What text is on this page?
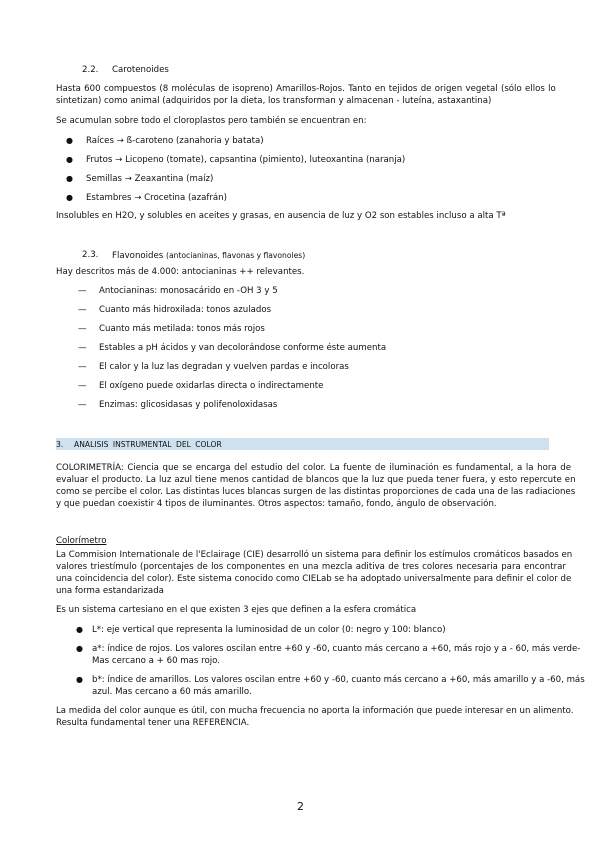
2.2. Carotenoides
Hasta 600 compuestos (8 moléculas de isopreno) Amarillos-Rojos. Tanto en tejidos de origen vegetal (sólo ellos lo
sintetizan) como animal (adquiridos por la dieta, los transforman y almacenan - luteína, astaxantina)
Se acumulan sobre todo el cloroplastos pero también se encuentran en:
● Raíces → ß-caroteno (zanahoria y batata)
● Frutos → Licopeno (tomate), capsantina (pimiento), luteoxantina (naranja)
● Semillas → Zeaxantina (maíz)
● Estambres → Crocetina (azafrán)
Insolubles en H2O, y solubles en aceites y grasas, en ausencia de luz y O2 son estables incluso a alta Tª
2.3. Flavonoides (antocianinas, flavonas y flavonoles)
Hay descritos más de 4.000: antocianinas ++ relevantes.
— Antocianinas: monosacárido en -OH 3 y 5
— Cuanto más hidroxilada: tonos azulados
— Cuanto más metilada: tonos más rojos
— Estables a pH ácidos y van decolorándose conforme éste aumenta
— El calor y la luz las degradan y vuelven pardas e incoloras
— El oxígeno puede oxidarlas directa o indirectamente
— Enzimas: glicosidasas y polifenoloxidasas
3. ANALISIS INSTRUMENTAL DEL COLOR
COLORIMETRÍA: Ciencia que se encarga del estudio del color. La fuente de iluminación es fundamental, a la hora de
evaluar el producto. La luz azul tiene menos cantidad de blancos que la luz que pueda tener fuera, y esto repercute en
como se percibe el color. Las distintas luces blancas surgen de las distintas proporciones de cada una de las radiaciones
y que puedan coexistir 4 tipos de iluminantes. Otros aspectos: tamaño, fondo, ángulo de observación.
Colorímetro
La Commision Internationale de l'Eclairage (CIE) desarrolló un sistema para definir los estímulos cromáticos basados en
valores triestímulo (porcentajes de los componentes en una mezcla aditiva de tres colores necesaria para encontrar
una coincidencia del color). Este sistema conocido como CIELab se ha adoptado universalmente para definir el color de
una forma estandarizada
Es un sistema cartesiano en el que existen 3 ejes que definen a la esfera cromática
● L*: eje vertical que representa la luminosidad de un color (0: negro y 100: blanco)
● a*: índice de rojos. Los valores oscilan entre +60 y -60, cuanto más cercano a +60, más rojo y a - 60, más verde-
Mas cercano a + 60 mas rojo.
● b*: índice de amarillos. Los valores oscilan entre +60 y -60, cuanto más cercano a +60, más amarillo y a -60, más
azul. Mas cercano a 60 más amarillo.
La medida del color aunque es útil, con mucha frecuencia no aporta la información que puede interesar en un alimento.
Resulta fundamental tener una REFERENCIA.
2
